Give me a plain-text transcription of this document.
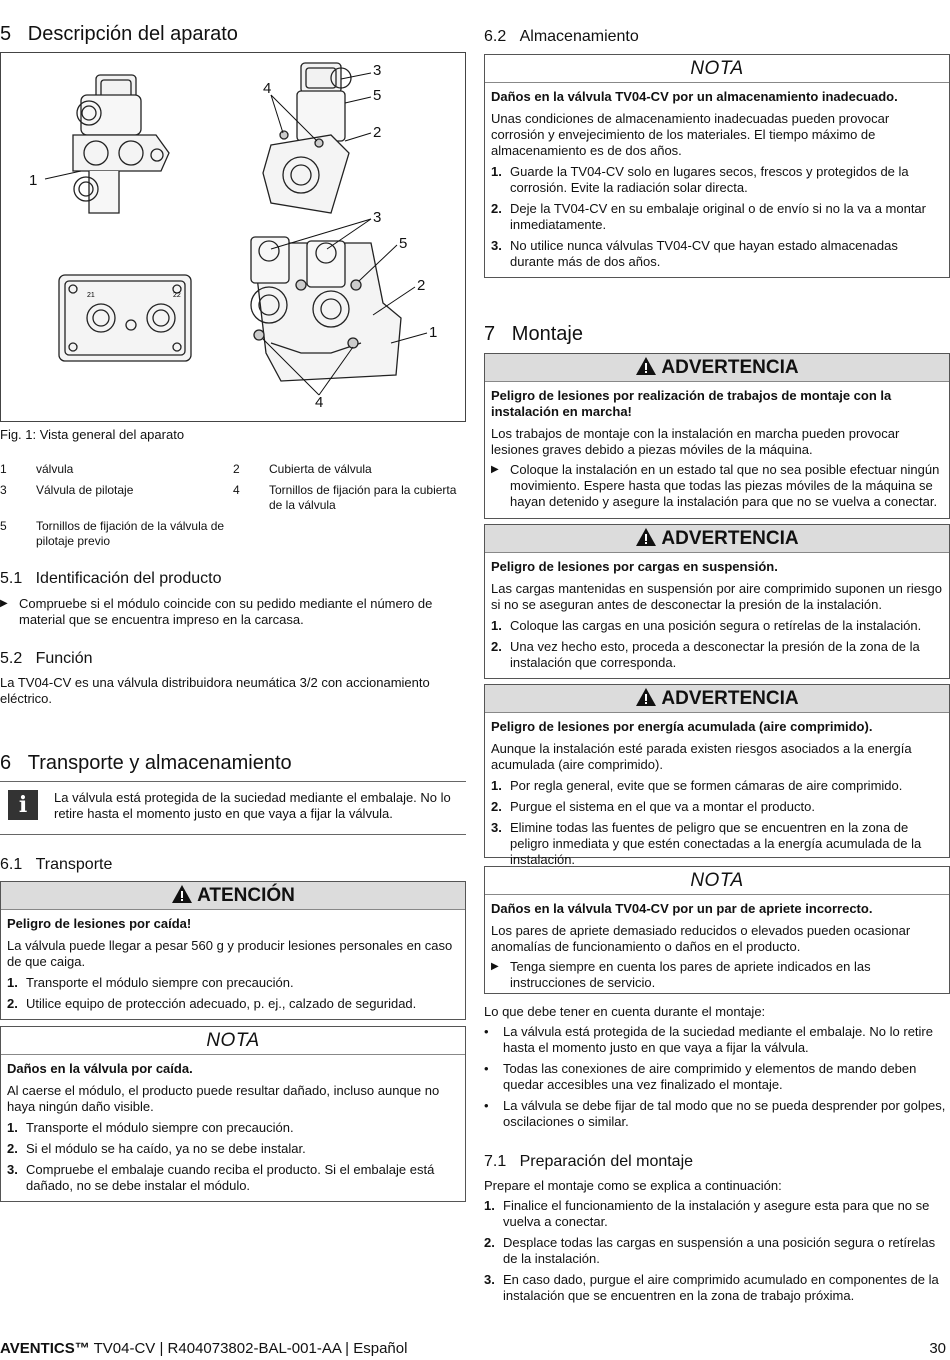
5 Descripción del aparato
21	22
1
4
3
5
2
3
5
2
1
4

Fig. 1: Vista general del aparato

1	válvula	2	Cubierta de válvula
3	Válvula de pilotaje	4	Tornillos de fijación para la cubierta de la válvula
5	Tornillos de fijación de la válvula de pilotaje previo
5.1 Identificación del producto
▶ Compruebe si el módulo coincide con su pedido mediante el número de material que se encuentra impreso en la carcasa.
5.2 Función

La TV04-CV es una válvula distribuidora neumática 3/2 con accionamiento eléctrico.

6 Transporte y almacenamiento
i	La válvula está protegida de la suciedad mediante el embalaje. No lo retire hasta el momento justo en que vaya a fijar la válvula.

6.1 Transporte
ATENCIÓN

Peligro de lesiones por caída!

La válvula puede llegar a pesar 560 g y producir lesiones personales en caso de que caiga.

1. Transporte el módulo siempre con precaución.
2. Utilice equipo de protección adecuado, p. ej., calzado de seguridad.
NOTA

Daños en la válvula por caída.

Al caerse el módulo, el producto puede resultar dañado, incluso aunque no haya ningún daño visible.

1. Transporte el módulo siempre con precaución.
2. Si el módulo se ha caído, ya no se debe instalar.
3. Compruebe el embalaje cuando reciba el producto. Si el embalaje está dañado, no se debe instalar el módulo.
6.2 Almacenamiento
NOTA

Daños en la válvula TV04-CV por un almacenamiento inadecuado.

Unas condiciones de almacenamiento inadecuadas pueden provocar corrosión y envejecimiento de los materiales. El tiempo máximo de almacenamiento es de dos años.

1. Guarde la TV04-CV solo en lugares secos, frescos y protegidos de la corrosión. Evite la radiación solar directa.
2. Deje la TV04-CV en su embalaje original o de envío si no la va a montar inmediatamente.
3. No utilice nunca válvulas TV04-CV que hayan estado almacenadas durante más de dos años.
7 Montaje
ADVERTENCIA

Peligro de lesiones por realización de trabajos de montaje con la instalación en marcha!

Los trabajos de montaje con la instalación en marcha pueden provocar lesiones graves debido a piezas móviles de la máquina.

▶ Coloque la instalación en un estado tal que no sea posible efectuar ningún movimiento. Espere hasta que todas las piezas móviles de la máquina se hayan detenido y asegure la instalación para que no se vuelva a conectar.
ADVERTENCIA

Peligro de lesiones por cargas en suspensión.

Las cargas mantenidas en suspensión por aire comprimido suponen un riesgo si no se aseguran antes de desconectar la presión de la instalación.

1. Coloque las cargas en una posición segura o retírelas de la instalación.
2. Una vez hecho esto, proceda a desconectar la presión de la zona de la instalación que corresponda.
ADVERTENCIA

Peligro de lesiones por energía acumulada (aire comprimido).

Aunque la instalación esté parada existen riesgos asociados a la energía acumulada (aire comprimido).

1. Por regla general, evite que se formen cámaras de aire comprimido.
2. Purgue el sistema en el que va a montar el producto.
3. Elimine todas las fuentes de peligro que se encuentren en la zona de peligro inmediata y que estén conectadas a la energía acumulada de la instalación.
NOTA

Daños en la válvula TV04-CV por un par de apriete incorrecto.

Los pares de apriete demasiado reducidos o elevados pueden ocasionar anomalías de funcionamiento o daños en el producto.

▶ Tenga siempre en cuenta los pares de apriete indicados en las instrucciones de servicio.

Lo que debe tener en cuenta durante el montaje:

•	La válvula está protegida de la suciedad mediante el embalaje. No lo retire hasta el momento justo en que vaya a fijar la válvula.
•	Todas las conexiones de aire comprimido y elementos de mando deben quedar accesibles una vez finalizado el montaje.
•	La válvula se debe fijar de tal modo que no se pueda desprender por golpes, oscilaciones o similar.
7.1 Preparación del montaje

Prepare el montaje como se explica a continuación:

1. Finalice el funcionamiento de la instalación y asegure esta para que no se vuelva a conectar.
2. Desplace todas las cargas en suspensión a una posición segura o retírelas de la instalación.
3. En caso dado, purgue el aire comprimido acumulado en componentes de la instalación que se encuentren en la zona de trabajo próxima.
AVENTICS™ TV04-CV | R404073802-BAL-001-AA | Español	30
